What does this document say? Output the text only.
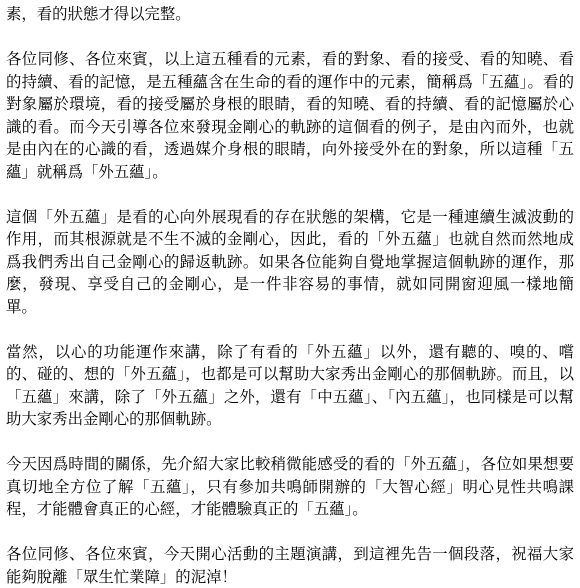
素，看的狀態才得以完整。

各位同修、各位來賓，以上這五種看的元素，看的對象、看的接受、看的知曉、看的持續、看的記憶，是五種蘊含在生命的看的運作中的元素，簡稱爲「五蘊」。看的對象屬於環境，看的接受屬於身根的眼睛，看的知曉、看的持續、看的記憶屬於心識的看。而今天引導各位來發現金剛心的軌跡的這個看的例子，是由內而外，也就是由內在的心識的看，透過媒介身根的眼睛，向外接受外在的對象，所以這種「五蘊」就稱爲「外五蘊」。

這個「外五蘊」是看的心向外展現看的存在狀態的架構，它是一種連續生滅波動的作用，而其根源就是不生不滅的金剛心，因此，看的「外五蘊」也就自然而然地成爲我們秀出自己金剛心的歸返軌跡。如果各位能夠自覺地掌握這個軌跡的運作，那麼，發現、享受自己的金剛心，是一件非容易的事情，就如同開窗迎風一樣地簡單。

當然，以心的功能運作來講，除了有看的「外五蘊」以外，還有聽的、嗅的、嚐的、碰的、想的「外五蘊」，也都是可以幫助大家秀出金剛心的那個軌跡。而且，以「五蘊」來講，除了「外五蘊」之外，還有「中五蘊」、「內五蘊」，也同樣是可以幫助大家秀出金剛心的那個軌跡。

今天因爲時間的關係，先介紹大家比較稍微能感受的看的「外五蘊」，各位如果想要真切地全方位了解「五蘊」，只有參加共鳴師開辦的「大智心經」明心見性共鳴課程，才能體會真正的心經，才能體驗真正的「五蘊」。

各位同修、各位來賓，今天開心活動的主題演講，到這裡先告一個段落，祝福大家能夠脫離「眾生忙業障」的泥淖！
